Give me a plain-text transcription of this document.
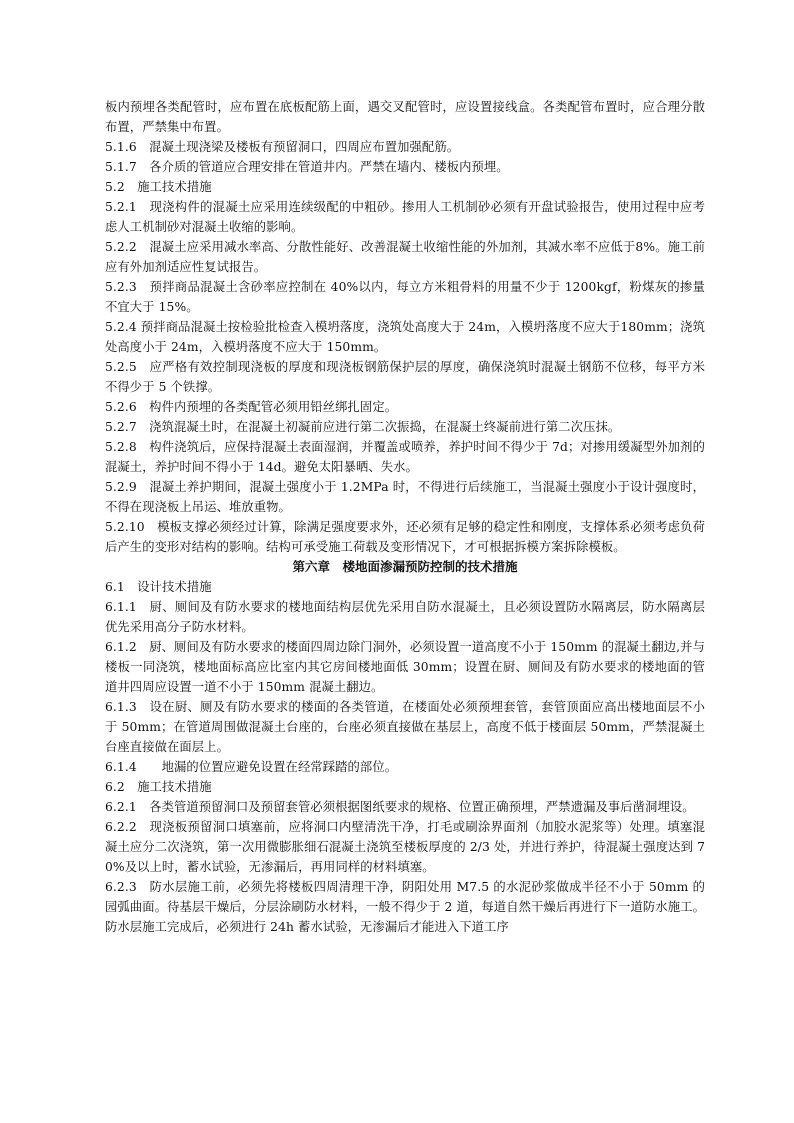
板内预埋各类配管时，应布置在底板配筋上面，遇交叉配管时，应设置接线盒。各类配管布置时，应合理分散布置，严禁集中布置。

5.1.6　混凝土现浇梁及楼板有预留洞口，四周应布置加强配筋。

5.1.7　各介质的管道应合理安排在管道井内。严禁在墙内、楼板内预埋。

5.2　施工技术措施

5.2.1　现浇构件的混凝土应采用连续级配的中粗砂。掺用人工机制砂必须有开盘试验报告，使用过程中应考虑人工机制砂对混凝土收缩的影响。

5.2.2　混凝土应采用减水率高、分散性能好、改善混凝土收缩性能的外加剂，其减水率不应低于8%。施工前应有外加剂适应性复试报告。

5.2.3　预拌商品混凝土含砂率应控制在 40%以内，每立方米粗骨料的用量不少于 1200kgf，粉煤灰的掺量不宜大于 15%。

5.2.4 预拌商品混凝土按检验批检查入模坍落度，浇筑处高度大于 24m，入模坍落度不应大于180mm；浇筑处高度小于 24m，入模坍落度不应大于 150mm。

5.2.5　应严格有效控制现浇板的厚度和现浇板钢筋保护层的厚度，确保浇筑时混凝土钢筋不位移，每平方米不得少于 5 个铁撑。

5.2.6　构件内预埋的各类配管必须用铅丝绑扎固定。

5.2.7　浇筑混凝土时，在混凝土初凝前应进行第二次振捣，在混凝土终凝前进行第二次压抹。

5.2.8　构件浇筑后，应保持混凝土表面湿润，并覆盖或喷养，养护时间不得少于 7d；对掺用缓凝型外加剂的混凝土，养护时间不得小于 14d。避免太阳暴晒、失水。

5.2.9　混凝土养护期间，混凝土强度小于 1.2MPa 时，不得进行后续施工，当混凝土强度小于设计强度时，不得在现浇板上吊运、堆放重物。

5.2.10　模板支撑必须经过计算，除满足强度要求外，还必须有足够的稳定性和刚度，支撑体系必须考虑负荷后产生的变形对结构的影响。结构可承受施工荷载及变形情况下，才可根据拆模方案拆除模板。

第六章　楼地面渗漏预防控制的技术措施

6.1　设计技术措施

6.1.1　厨、厕间及有防水要求的楼地面结构层优先采用自防水混凝土，且必须设置防水隔离层，防水隔离层优先采用高分子防水材料。

6.1.2　厨、厕间及有防水要求的楼面四周边除门洞外，必须设置一道高度不小于 150mm 的混凝土翻边,并与楼板一同浇筑，楼地面标高应比室内其它房间楼地面低 30mm；设置在厨、厕间及有防水要求的楼地面的管道井四周应设置一道不小于 150mm 混凝土翻边。

6.1.3　设在厨、厕及有防水要求的楼面的各类管道，在楼面处必须预埋套管，套管顶面应高出楼地面层不小于 50mm；在管道周围做混凝土台座的，台座必须直接做在基层上，高度不低于楼面层 50mm，严禁混凝土台座直接做在面层上。

6.1.4　　地漏的位置应避免设置在经常踩踏的部位。

6.2　施工技术措施

6.2.1　各类管道预留洞口及预留套管必须根据图纸要求的规格、位置正确预埋，严禁遗漏及事后凿洞埋设。

6.2.2　现浇板预留洞口填塞前，应将洞口内壁清洗干净，打毛或刷涂界面剂（加胶水泥浆等）处理。填塞混凝土应分二次浇筑，第一次用微膨胀细石混凝土浇筑至楼板厚度的 2/3 处，并进行养护，待混凝土强度达到 70%及以上时，蓄水试验，无渗漏后，再用同样的材料填塞。

6.2.3　防水层施工前，必须先将楼板四周清理干净，阴阳处用 M7.5 的水泥砂浆做成半径不小于 50mm 的园弧曲面。待基层干燥后，分层涂刷防水材料，一般不得少于 2 道，每道自然干燥后再进行下一道防水施工。防水层施工完成后，必须进行 24h 蓄水试验，无渗漏后才能进入下道工序
